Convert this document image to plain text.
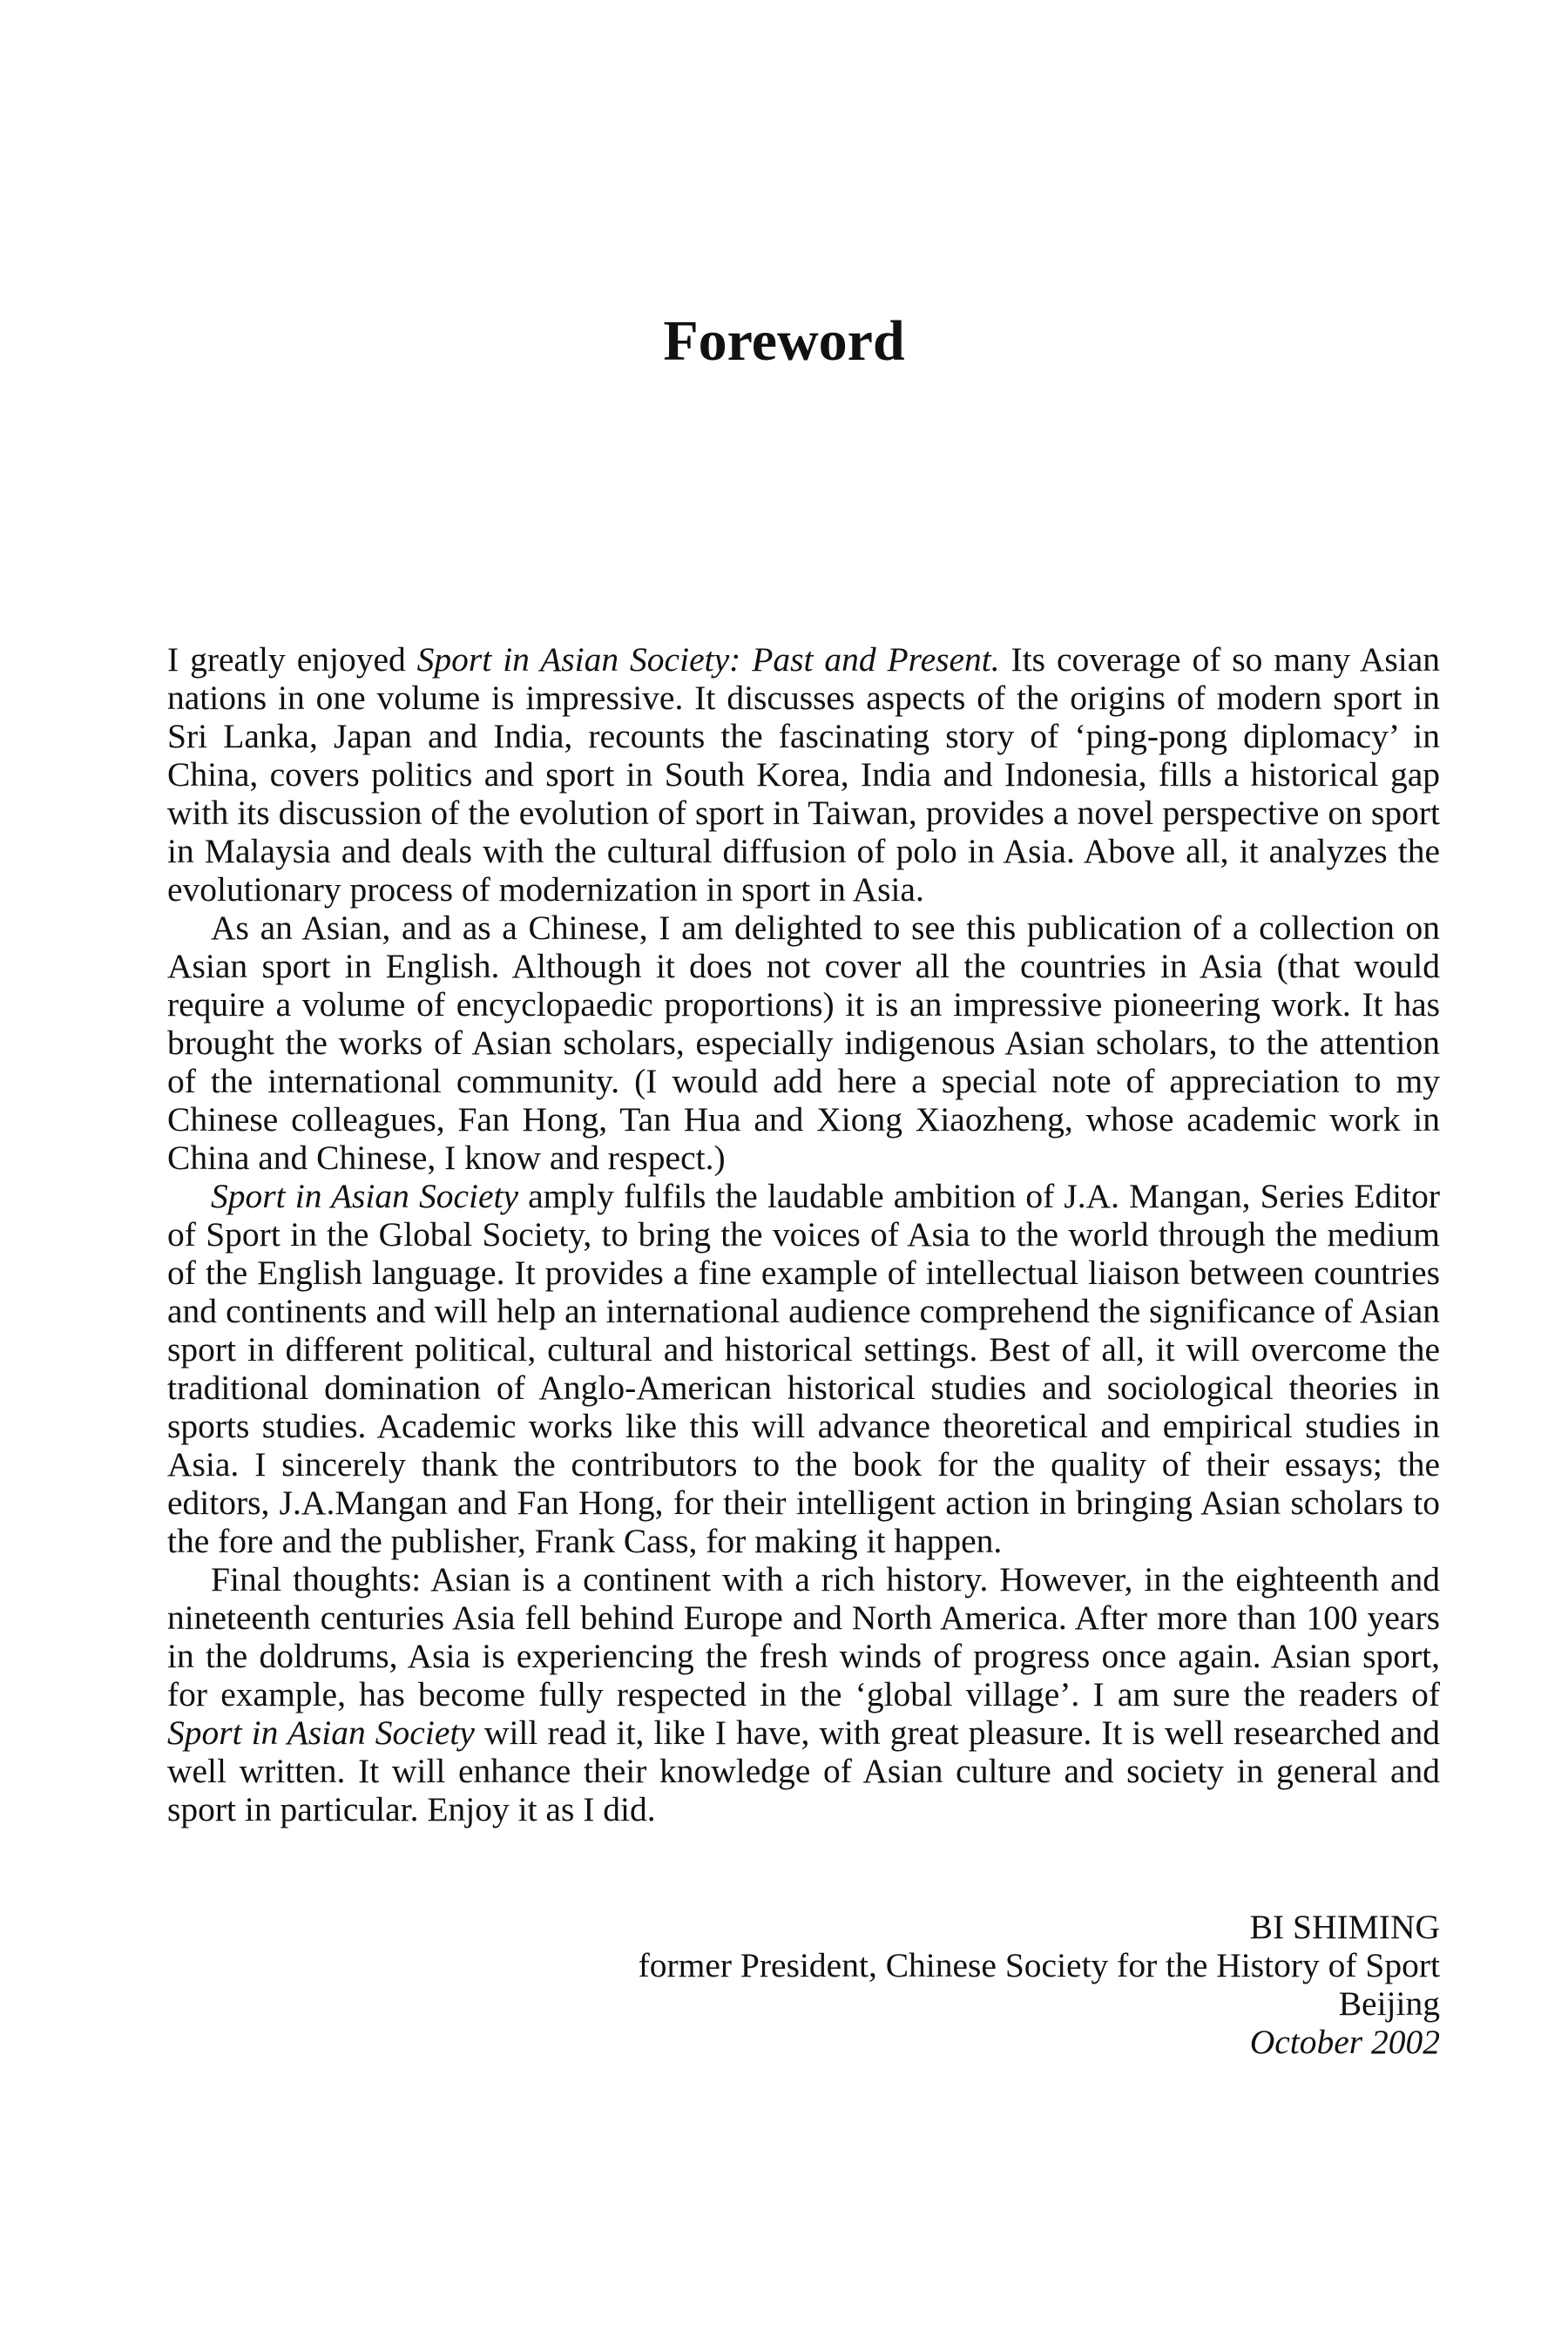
Foreword

I greatly enjoyed Sport in Asian Society: Past and Present. Its coverage of so many Asian nations in one volume is impressive. It discusses aspects of the origins of modern sport in Sri Lanka, Japan and India, recounts the fascinating story of ‘ping-pong diplomacy’ in China, covers politics and sport in South Korea, India and Indonesia, fills a historical gap with its discussion of the evolution of sport in Taiwan, provides a novel perspective on sport in Malaysia and deals with the cultural diffusion of polo in Asia. Above all, it analyzes the evolutionary process of modernization in sport in Asia.

As an Asian, and as a Chinese, I am delighted to see this publication of a collection on Asian sport in English. Although it does not cover all the countries in Asia (that would require a volume of encyclopaedic proportions) it is an impressive pioneering work. It has brought the works of Asian scholars, especially indigenous Asian scholars, to the attention of the international community. (I would add here a special note of appreciation to my Chinese colleagues, Fan Hong, Tan Hua and Xiong Xiaozheng, whose academic work in China and Chinese, I know and respect.)

Sport in Asian Society amply fulfils the laudable ambition of J.A. Mangan, Series Editor of Sport in the Global Society, to bring the voices of Asia to the world through the medium of the English language. It provides a fine example of intellectual liaison between countries and continents and will help an international audience comprehend the significance of Asian sport in different political, cultural and historical settings. Best of all, it will overcome the traditional domination of Anglo-American historical studies and sociological theories in sports studies. Academic works like this will advance theoretical and empirical studies in Asia. I sincerely thank the contributors to the book for the quality of their essays; the editors, J.A.Mangan and Fan Hong, for their intelligent action in bringing Asian scholars to the fore and the publisher, Frank Cass, for making it happen.

Final thoughts: Asian is a continent with a rich history. However, in the eighteenth and nineteenth centuries Asia fell behind Europe and North America. After more than 100 years in the doldrums, Asia is experiencing the fresh winds of progress once again. Asian sport, for example, has become fully respected in the ‘global village’. I am sure the readers of Sport in Asian Society will read it, like I have, with great pleasure. It is well researched and well written. It will enhance their knowledge of Asian culture and society in general and sport in particular. Enjoy it as I did.

BI SHIMING
former President, Chinese Society for the History of Sport
Beijing
October 2002
